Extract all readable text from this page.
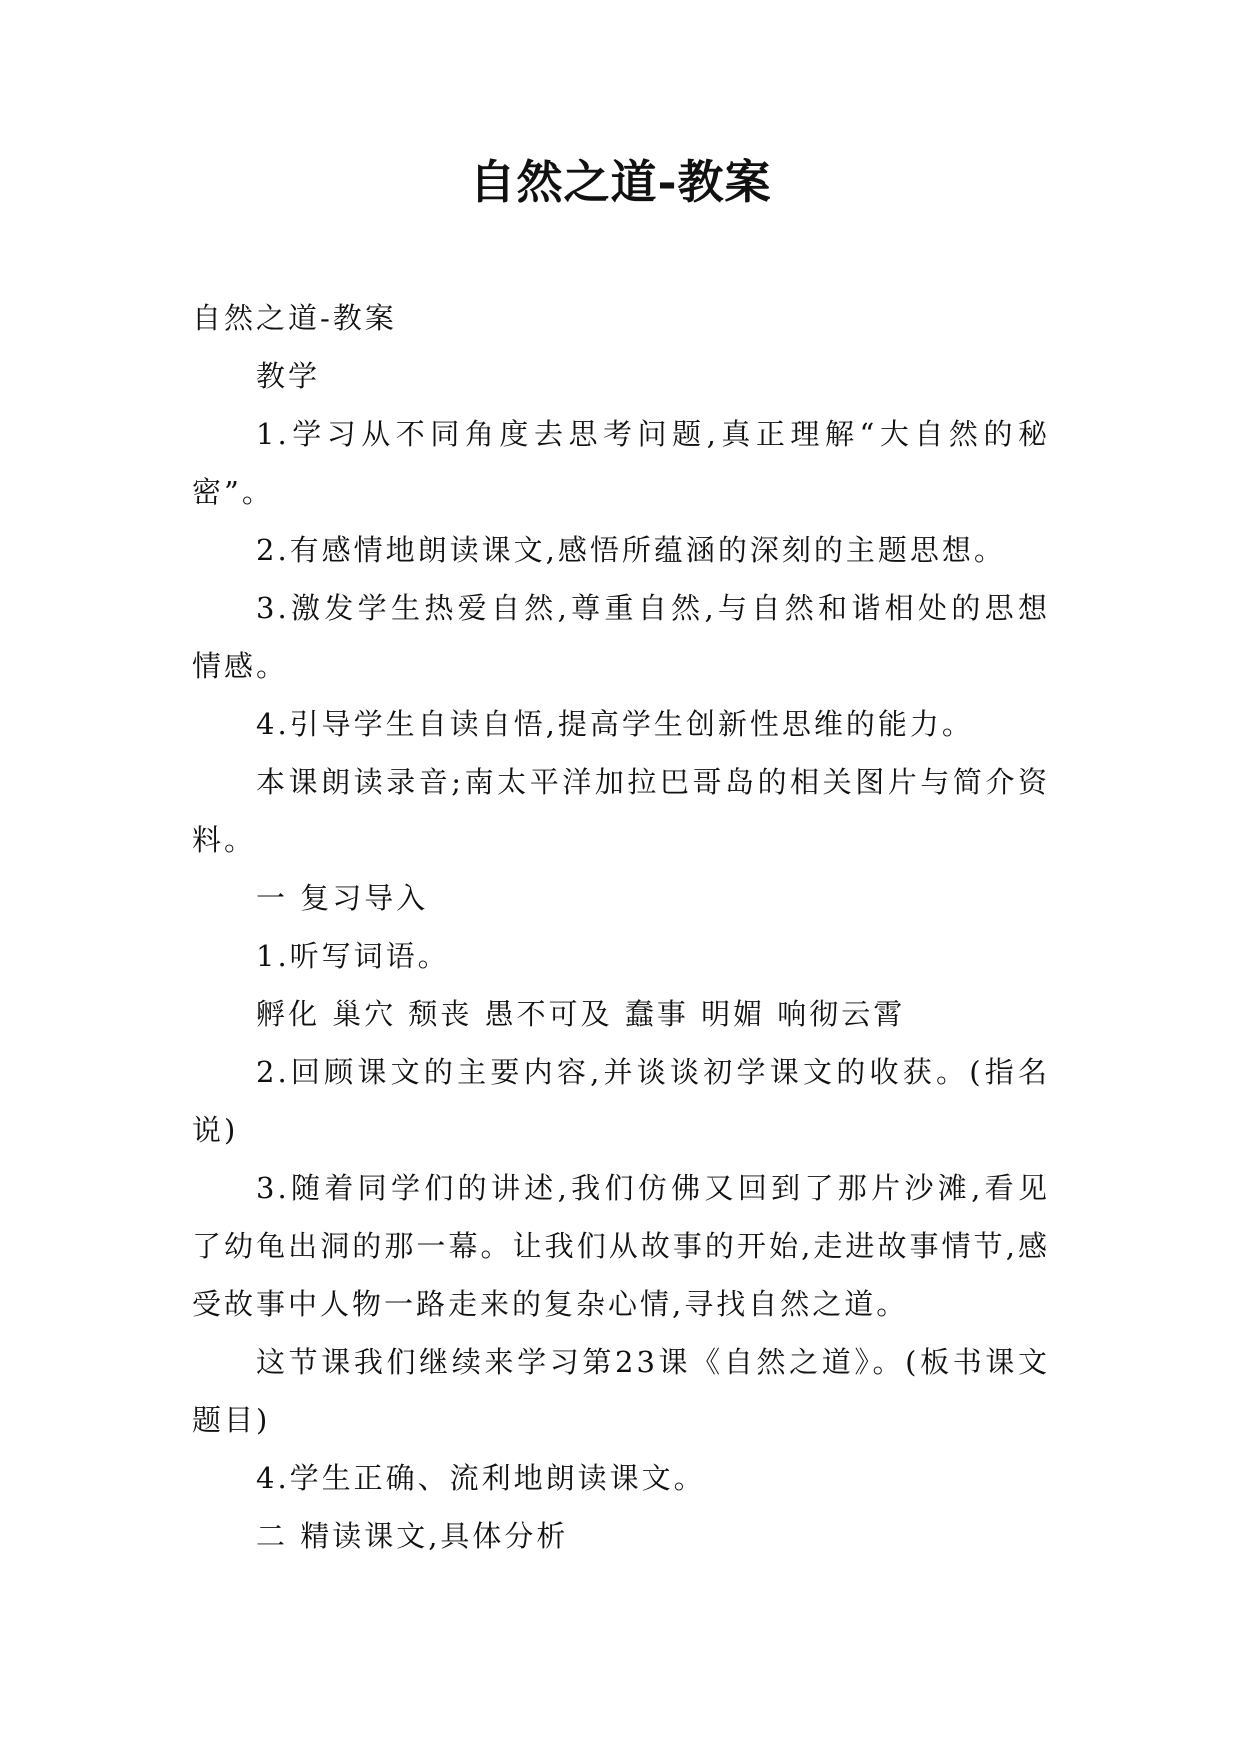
自然之道-教案

自然之道-教案

教学

1.学习从不同角度去思考问题,真正理解“大自然的秘密”。

2.有感情地朗读课文,感悟所蕴涵的深刻的主题思想。

3.激发学生热爱自然,尊重自然,与自然和谐相处的思想情感。

4.引导学生自读自悟,提高学生创新性思维的能力。

本课朗读录音;南太平洋加拉巴哥岛的相关图片与简介资料。

一 复习导入

1.听写词语。

孵化 巢穴 颓丧 愚不可及 蠢事 明媚 响彻云霄

2.回顾课文的主要内容,并谈谈初学课文的收获。(指名说)

3.随着同学们的讲述,我们仿佛又回到了那片沙滩,看见了幼龟出洞的那一幕。让我们从故事的开始,走进故事情节,感受故事中人物一路走来的复杂心情,寻找自然之道。

这节课我们继续来学习第23课《自然之道》。(板书课文题目)

4.学生正确、流利地朗读课文。

二 精读课文,具体分析
